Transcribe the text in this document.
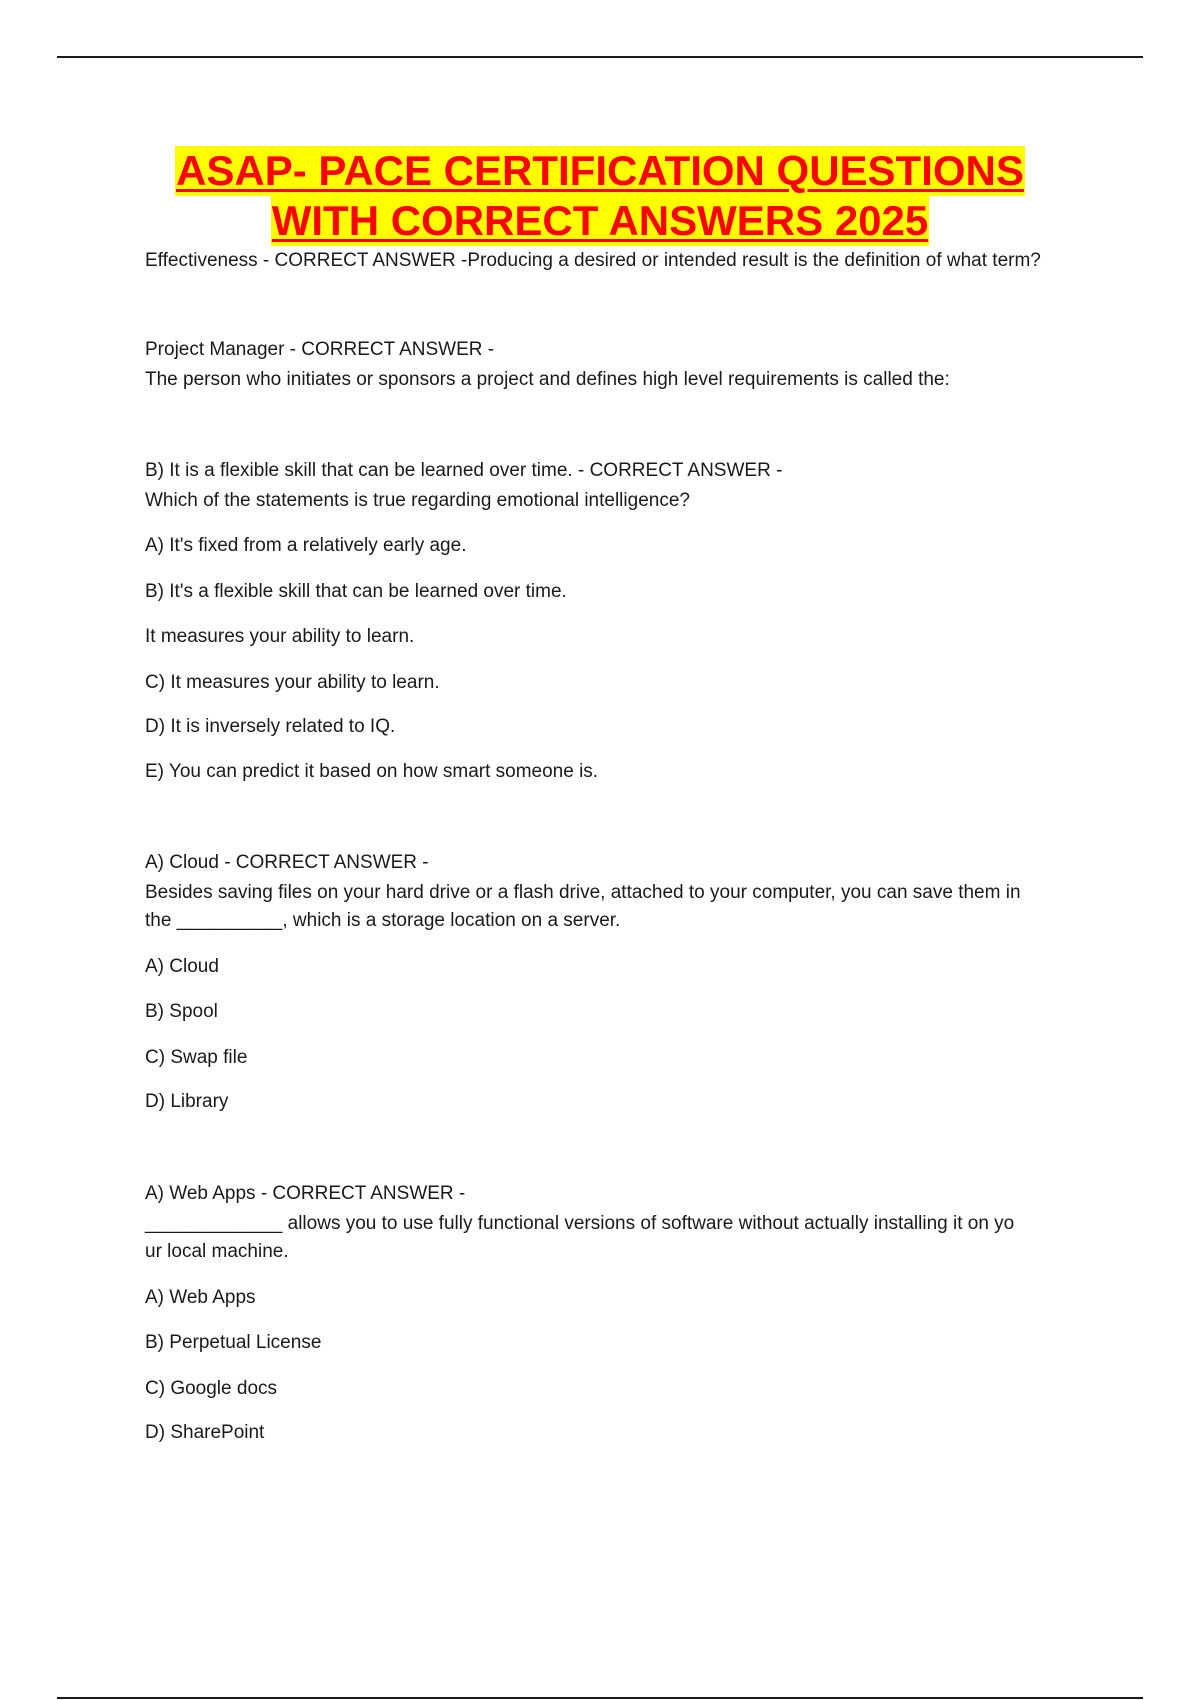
ASAP- PACE CERTIFICATION QUESTIONS
WITH CORRECT ANSWERS 2025
Effectiveness - CORRECT ANSWER -Producing a desired or intended result is the definition of what term?
Project Manager - CORRECT ANSWER -
The person who initiates or sponsors a project and defines high level requirements is called the:
B) It is a flexible skill that can be learned over time. - CORRECT ANSWER -
Which of the statements is true regarding emotional intelligence?
A) It's fixed from a relatively early age.
B) It's a flexible skill that can be learned over time.
It measures your ability to learn.
C) It measures your ability to learn.
D) It is inversely related to IQ.
E) You can predict it based on how smart someone is.
A) Cloud - CORRECT ANSWER -
Besides saving files on your hard drive or a flash drive, attached to your computer, you can save them in
the __________, which is a storage location on a server.
A) Cloud
B) Spool
C) Swap file
D) Library
A) Web Apps - CORRECT ANSWER -
_____________ allows you to use fully functional versions of software without actually installing it on yo
ur local machine.
A) Web Apps
B) Perpetual License
C) Google docs
D) SharePoint
